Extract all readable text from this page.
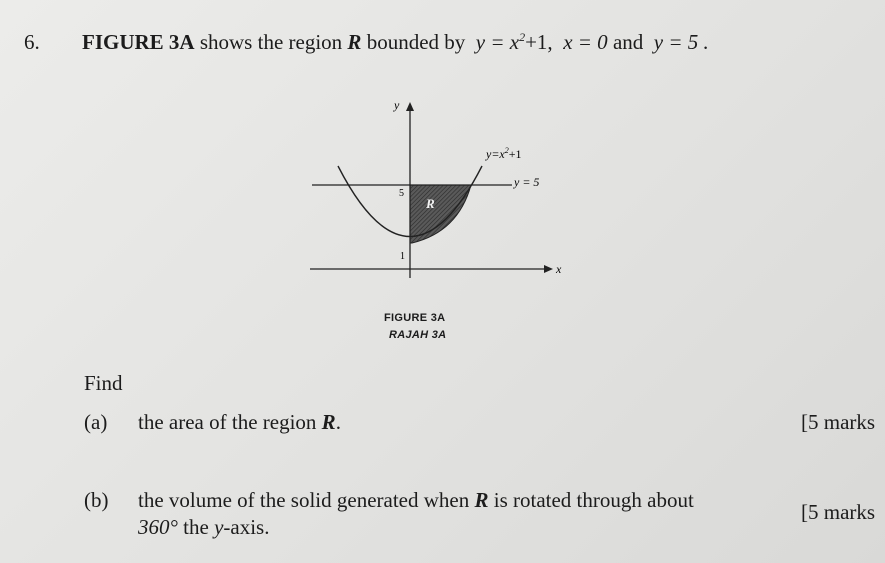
6. FIGURE 3A shows the region R bounded by $y = x^2+1$, x = 0 and y = 5 .
y
x
$y=x^2+1$
y = 5
5
1
R
FIGURE 3A
RAJAH 3A
Find
(a) the area of the region R.	[5 marks
(b) the volume of the solid generated when R is rotated through about
360° the y-axis.
[5 marks
